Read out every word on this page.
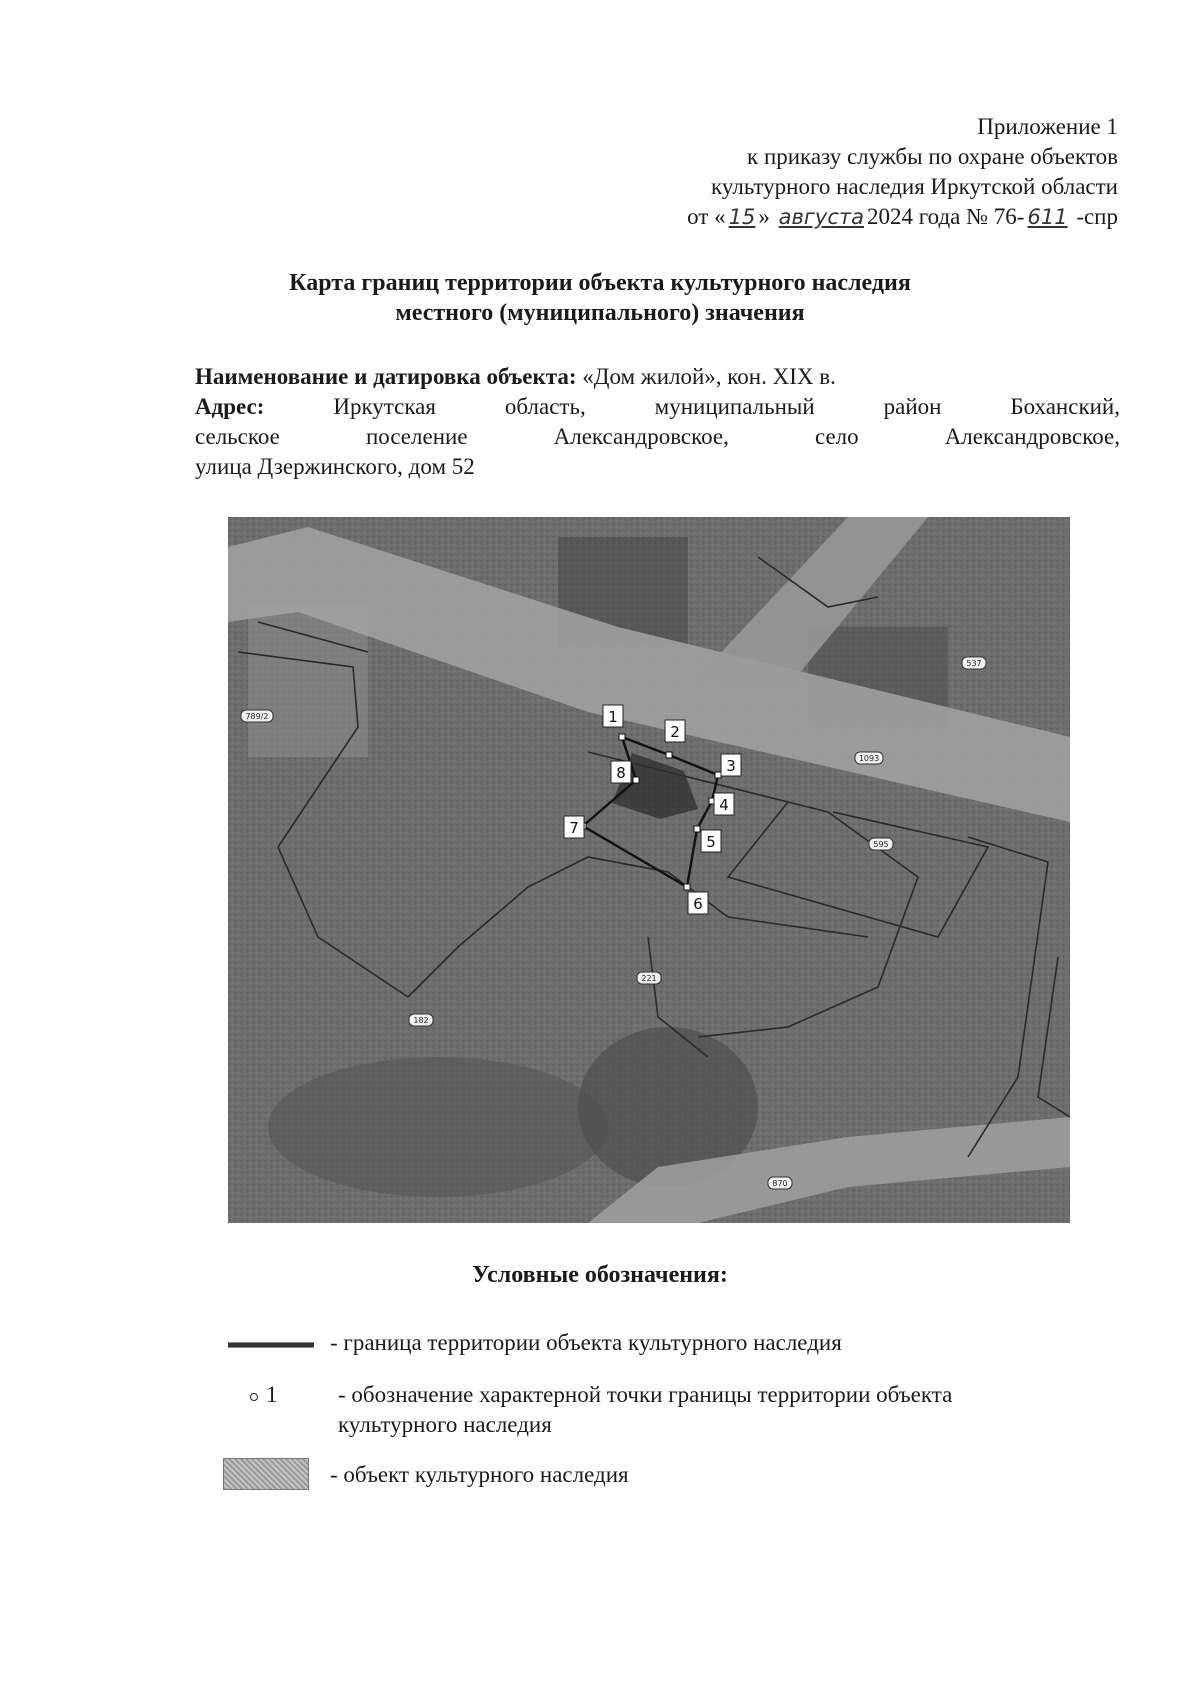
Приложение 1
к приказу службы по охране объектов
культурного наследия Иркутской области
от « 15 » августа 2024 года № 76- 611 -спр
Карта границ территории объекта культурного наследия
местного (муниципального) значения
Наименование и датировка объекта: «Дом жилой», кон. XIX в.
Адрес:	Иркутская область, муниципальный район Боханский,
сельское поселение Александровское, село Александровское,
улица Дзержинского, дом 52
1
2
3
4
5
6
7
8
537
789/2
1093
595
182
221
870
Условные обозначения:
- граница территории объекта культурного наследия
1	- обозначение характерной точки границы территории объекта
культурного наследия
- объект культурного наследия
